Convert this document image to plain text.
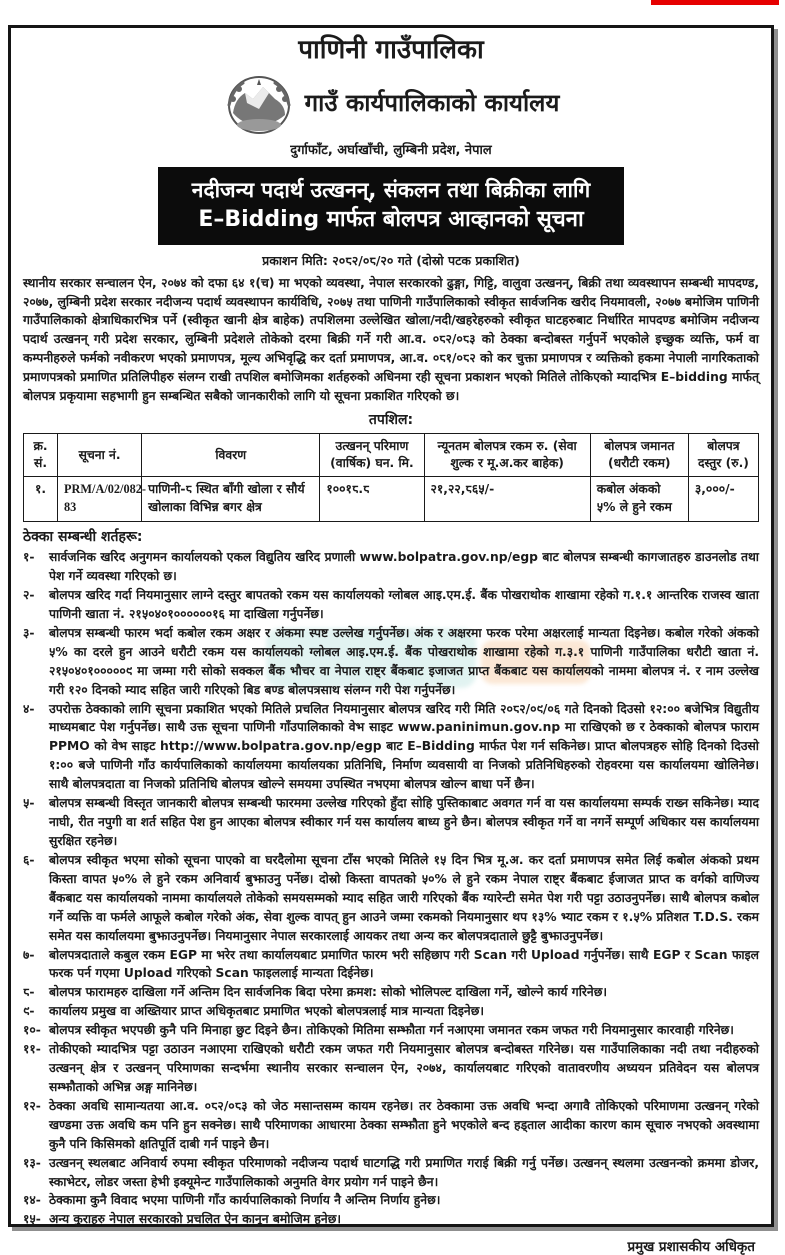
पाणिनी गाउँपालिका
गाउँ कार्यपालिकाको कार्यालय
दुर्गाफाँट, अर्घाखाँची, लुम्बिनी प्रदेश, नेपाल
नदीजन्य पदार्थ उत्खनन्, संकलन तथा बिक्रीका लागि
E–Bidding मार्फत बोलपत्र आव्हानको सूचना
प्रकाशन मिति: २०८२/०८/२० गते (दोस्रो पटक प्रकाशित)
स्थानीय सरकार सन्चालन ऐन, २०७४ को दफा ६४ १(च) मा भएको व्यवस्था, नेपाल सरकारको ढुङ्गा, गिट्टि, वालुवा उत्खनन्, बिक्री तथा व्यवस्थापन सम्बन्धी मापदण्ड, २०७७, लुम्बिनी प्रदेश सरकार नदीजन्य पदार्थ व्यवस्थापन कार्यविधि, २०७५ तथा पाणिनी गाउँपालिकाको स्वीकृत सार्वजनिक खरीद नियमावली, २०७७ बमोजिम पाणिनी गाउँपालिकाको क्षेत्राधिकारभित्र पर्ने (स्वीकृत खानी क्षेत्र बाहेक) तपशिलमा उल्लेखित खोला/नदी/खहरेहरुको स्वीकृत घाटहरुबाट निर्धारित मापदण्ड बमोजिम नदीजन्य पदार्थ उत्खनन् गरी प्रदेश सरकार, लुम्बिनी प्रदेशले तोकेको दरमा बिक्री गर्ने गरी आ.व. ०८२/०८३ को ठेक्का बन्दोबस्त गर्नुपर्ने भएकोले इच्छुक व्यक्ति, फर्म वा कम्पनीहरुले फर्मको नवीकरण भएको प्रमाणपत्र, मूल्य अभिवृद्धि कर दर्ता प्रमाणपत्र, आ.व. ०८१/०८२ को कर चुक्ता प्रमाणपत्र र व्यक्तिको हकमा नेपाली नागरिकताको प्रमाणपत्रको प्रमाणित प्रतिलिपीहरु संलग्न राखी तपशिल बमोजिमका शर्तहरुको अधिनमा रही सूचना प्रकाशन भएको मितिले तोकिएको म्यादभित्र E–bidding मार्फत् बोलपत्र प्रकृयामा सहभागी हुन सम्बन्धित सबैको जानकारीको लागि यो सूचना प्रकाशित गरिएको छ।
तपशिल:
क्र. सं.	सूचना नं.	विवरण	उत्खनन् परिमाण (वार्षिक) घन. मि.	न्यूनतम बोलपत्र रकम रु. (सेवा शुल्क र मू.अ.कर बाहेक)	बोलपत्र जमानत (धरौटी रकम)	बोलपत्र दस्तुर (रु.)
१.	PRM/A/02/082-83	पाणिनी-८ स्थित बाँगी खोला र सौर्य खोलाका विभिन्न बगर क्षेत्र	१००१८.८	२१,२२,८६५/-	कबोल अंकको ५% ले हुने रकम	३,०००/-
ठेक्का सम्बन्धी शर्तहरू:
१-	सार्वजनिक खरिद अनुगमन कार्यालयको एकल विद्युतिय खरिद प्रणाली www.bolpatra.gov.np/egp बाट बोलपत्र सम्बन्धी कागजातहरु डाउनलोड तथा पेश गर्ने व्यवस्था गरिएको छ।
२-	बोलपत्र खरिद गर्दा नियमानुसार लाग्ने दस्तुर बापतको रकम यस कार्यालयको ग्लोबल आइ.एम.ई. बैंक पोखराथोक शाखामा रहेको ग.१.१ आन्तरिक राजस्व खाता पाणिनी खाता नं. २१५०४०१००००००१६ मा दाखिला गर्नुपर्नेछ।
३-	बोलपत्र सम्बन्धी फारम भर्दा कबोल रकम अक्षर र अंकमा स्पष्ट उल्लेख गर्नुपर्नेछ। अंक र अक्षरमा फरक परेमा अक्षरलाई मान्यता दिइनेछ। कबोल गरेको अंकको ५% का दरले हुन आउने धरौटी रकम यस कार्यालयको ग्लोबल आइ.एम.ई. बैंक पोखराथोक शाखामा रहेको ग.३.१ पाणिनी गाउँपालिका धरौटी खाता नं. २१५०४०१०००००९ मा जम्मा गरी सोको सक्कल बैंक भौचर वा नेपाल राष्ट्र बैंकबाट इजाजत प्राप्त बैंकबाट यस कार्यालयको नाममा बोलपत्र नं. र नाम उल्लेख गरी १२० दिनको म्याद सहित जारी गरिएको बिड बण्ड बोलपत्रसाथ संलग्न गरी पेश गर्नुपर्नेछ।
४-	उपरोक्त ठेक्काको लागि सूचना प्रकाशित भएको मितिले प्रचलित नियमानुसार बोलपत्र खरिद गरी मिति २०८२/०९/०६ गते दिनको दिउसो १२:०० बजेभित्र विद्युतीय माध्यमबाट पेश गर्नुपर्नेछ। साथै उक्त सूचना पाणिनी गाँउपालिकाको वेभ साइट www.paninimun.gov.np मा राखिएको छ र ठेक्काको बोलपत्र फाराम PPMO को वेभ साइट http://www.bolpatra.gov.np/egp बाट E–Bidding मार्फत पेश गर्न सकिनेछ। प्राप्त बोलपत्रहरु सोहि दिनको दिउसो १:०० बजे पाणिनी गाँउ कार्यपालिकाको कार्यालयमा कार्यालयका प्रतिनिधि, निर्माण व्यवसायी वा निजको प्रतिनिधिहरुको रोहवरमा यस कार्यालयमा खोलिनेछ। साथै बोलपत्रदाता वा निजको प्रतिनिधि बोलपत्र खोल्ने समयमा उपस्थित नभएमा बोलपत्र खोल्न बाधा पर्ने छैन।
५-	बोलपत्र सम्बन्धी विस्तृत जानकारी बोलपत्र सम्बन्धी फारममा उल्लेख गरिएको हुँदा सोहि पुस्तिकाबाट अवगत गर्न वा यस कार्यालयमा सम्पर्क राख्न सकिनेछ। म्याद नाघी, रीत नपुगी वा शर्त सहित पेश हुन आएका बोलपत्र स्वीकार गर्न यस कार्यालय बाध्य हुने छैन। बोलपत्र स्वीकृत गर्ने वा नगर्ने सम्पूर्ण अधिकार यस कार्यालयमा सुरक्षित रहनेछ।
६-	बोलपत्र स्वीकृत भएमा सोको सूचना पाएको वा घरदैलोमा सूचना टाँस भएको मितिले १५ दिन भित्र मू.अ. कर दर्ता प्रमाणपत्र समेत लिई कबोल अंकको प्रथम किस्ता वापत ५०% ले हुने रकम अनिवार्य बुझाउनु पर्नेछ। दोस्रो किस्ता वापतको ५०% ले हुने रकम नेपाल राष्ट्र बैंकबाट ईजाजत प्राप्त क वर्गको वाणिज्य बैंकबाट यस कार्यालयको नाममा कार्यालयले तोकेको समयसम्मको म्याद सहित जारी गरिएको बैंक ग्यारेन्टी समेत पेश गरी पट्टा उठाउनुपर्नेछ। साथै बोलपत्र कबोल गर्ने व्यक्ति वा फर्मले आफूले कबोल गरेको अंक, सेवा शुल्क वापत् हुन आउने जम्मा रकमको नियमानुसार थप १३% भ्याट रकम र १.५% प्रतिशत T.D.S. रकम समेत यस कार्यालयमा बुझाउनुपर्नेछ। नियमानुसार नेपाल सरकारलाई आयकर तथा अन्य कर बोलपत्रदाताले छुट्टै बुझाउनुपर्नेछ।
७-	बोलपत्रदाताले कबुल रकम EGP मा भरेर तथा कार्यालयबाट प्रमाणित फारम भरी सहिछाप गरी Scan गरी Upload गर्नुपर्नेछ। साथै EGP र Scan फाइल फरक पर्न गएमा Upload गरिएको Scan फाइललाई मान्यता दिईनेछ।
८-	बोलपत्र फारामहरु दाखिला गर्ने अन्तिम दिन सार्वजनिक बिदा परेमा क्रमश: सोको भोलिपल्ट दाखिला गर्ने, खोल्ने कार्य गरिनेछ।
९-	कार्यालय प्रमुख वा अख्तियार प्राप्त अधिकृतबाट प्रमाणित भएको बोलपत्रलाई मात्र मान्यता दिइनेछ।
१०- बोलपत्र स्वीकृत भएपछी कुनै पनि मिनाहा छुट दिइने छैन। तोकिएको मितिमा सम्झौता गर्न नआएमा जमानत रकम जफत गरी नियमानुसार कारवाही गरिनेछ।
११- तोकीएको म्यादभित्र पट्टा उठाउन नआएमा राखिएको धरौटी रकम जफत गरी नियमानुसार बोलपत्र बन्दोबस्त गरिनेछ। यस गाउँपालिकाका नदी तथा नदीहरुको उत्खनन् क्षेत्र र उत्खनन् परिमाणका सन्दर्भमा स्थानीय सरकार सन्चालन ऐन, २०७४, कार्यालयबाट गरिएको वातावरणीय अध्ययन प्रतिवेदन यस बोलपत्र सम्झौताको अभिन्न अङ्ग मानिनेछ।
१२- ठेक्का अवधि सामान्यतया आ.व. ०८२/०८३ को जेठ मसान्तसम्म कायम रहनेछ। तर ठेक्कामा उक्त अवधि भन्दा अगावै तोकिएको परिमाणमा उत्खनन् गरेको खण्डमा उक्त अवधि कम पनि हुन सक्नेछ। साथै परिमाणका आधारमा ठेक्का सम्झौता हुने भएकोले बन्द हड्ताल आदीका कारण काम सूचारु नभएको अवस्थामा कुनै पनि किसिमको क्षतिपूर्ति दाबी गर्न पाइने छैन।
१३- उत्खनन् स्थलबाट अनिवार्य रुपमा स्वीकृत परिमाणको नदीजन्य पदार्थ घाटगद्धि गरी प्रमाणित गराई बिक्री गर्नु पर्नेछ। उत्खनन् स्थलमा उत्खनन्को क्रममा डोजर, स्काभेटर, लोडर जस्ता हेभी इक्यूमेन्ट गाउँपालिकाको अनुमति वेगर प्रयोग गर्न पाइने छैन।
१४- ठेक्कामा कुनै विवाद भएमा पाणिनी गाँउ कार्यपालिकाको निर्णाय नै अन्तिम निर्णाय हुनेछ।
१५- अन्य कुराहरु नेपाल सरकारको प्रचलित ऐन कानून बमोजिम हुनेछ।
प्रमुख प्रशासकीय अधिकृत
